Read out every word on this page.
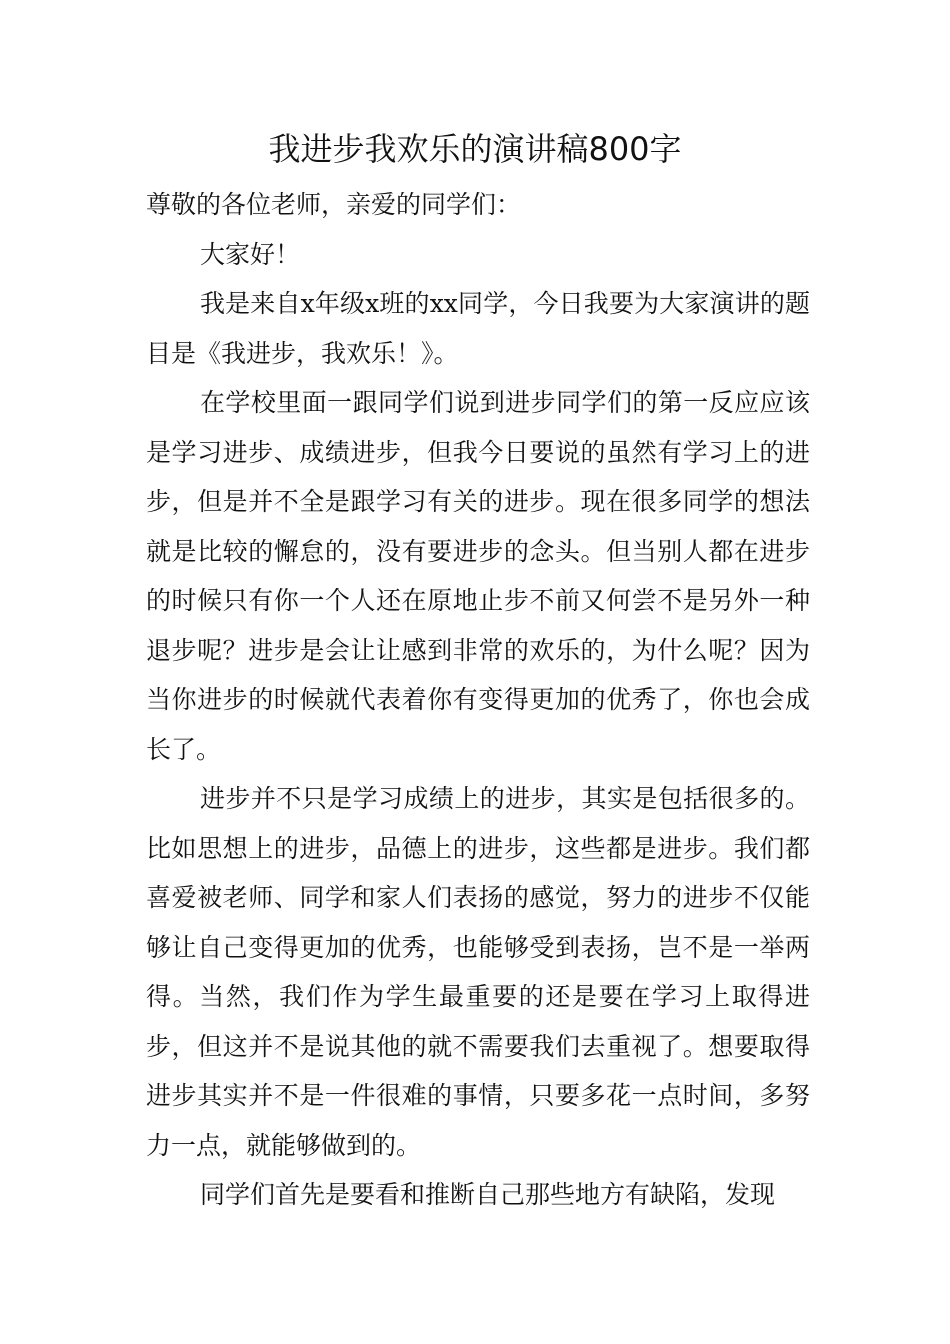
我进步我欢乐的演讲稿800字

尊敬的各位老师，亲爱的同学们：

大家好！

我是来自x年级x班的xx同学，今日我要为大家演讲的题目是《我进步，我欢乐！》。

在学校里面一跟同学们说到进步同学们的第一反应应该是学习进步、成绩进步，但我今日要说的虽然有学习上的进步，但是并不全是跟学习有关的进步。现在很多同学的想法就是比较的懈怠的，没有要进步的念头。但当别人都在进步的时候只有你一个人还在原地止步不前又何尝不是另外一种退步呢？进步是会让让感到非常的欢乐的，为什么呢？因为当你进步的时候就代表着你有变得更加的优秀了，你也会成长了。

进步并不只是学习成绩上的进步，其实是包括很多的。比如思想上的进步，品德上的进步，这些都是进步。我们都喜爱被老师、同学和家人们表扬的感觉，努力的进步不仅能够让自己变得更加的优秀，也能够受到表扬，岂不是一举两得。当然，我们作为学生最重要的还是要在学习上取得进步，但这并不是说其他的就不需要我们去重视了。想要取得进步其实并不是一件很难的事情，只要多花一点时间，多努力一点，就能够做到的。

同学们首先是要看和推断自己那些地方有缺陷，发现
